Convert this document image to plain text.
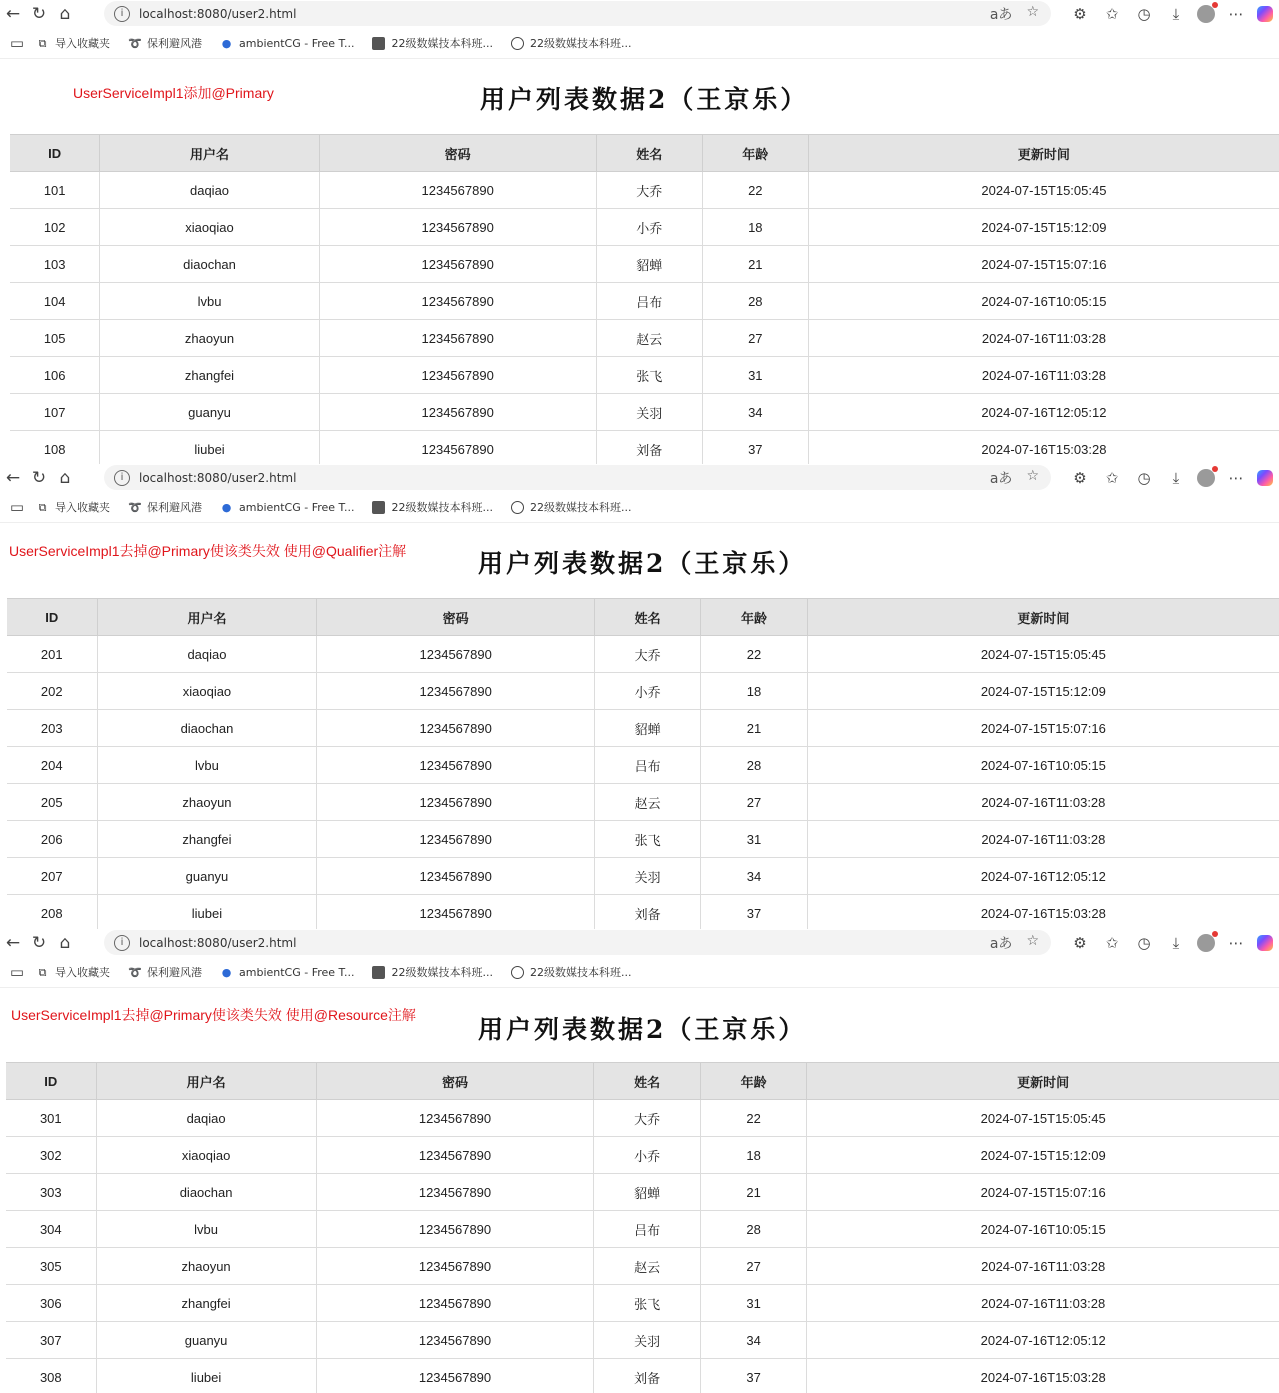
← ↻ ⌂	i	localhost:8080/user2.html	aあ ☆ ⚙	✩	◷	⤓	⋯
▭	⧉ 导入收藏夹 ➰ 保利避风港 ● ambientCG - Free T...	22级数媒技本科班...	22级数媒技本科班...
UserServiceImpl1添加@Primary	用户列表数据2（王京乐）
ID	用户名	密码	姓名	年龄	更新时间
101	daqiao	1234567890	大乔	22	2024-07-15T15:05:45
102	xiaoqiao	1234567890	小乔	18	2024-07-15T15:12:09
103	diaochan	1234567890	貂蝉	21	2024-07-15T15:07:16
104	lvbu	1234567890	吕布	28	2024-07-16T10:05:15
105	zhaoyun	1234567890	赵云	27	2024-07-16T11:03:28
106	zhangfei	1234567890	张飞	31	2024-07-16T11:03:28
107	guanyu	1234567890	关羽	34	2024-07-16T12:05:12
108	liubei	1234567890	刘备	37	2024-07-16T15:03:28
← ↻ ⌂	i	localhost:8080/user2.html	aあ ☆ ⚙	✩	◷	⤓	⋯
▭	⧉ 导入收藏夹 ➰ 保利避风港 ● ambientCG - Free T...	22级数媒技本科班...	22级数媒技本科班...
UserServiceImpl1去掉@Primary使该类失效 使用@Qualifier注解	用户列表数据2（王京乐）
ID	用户名	密码	姓名	年龄	更新时间
201	daqiao	1234567890	大乔	22	2024-07-15T15:05:45
202	xiaoqiao	1234567890	小乔	18	2024-07-15T15:12:09
203	diaochan	1234567890	貂蝉	21	2024-07-15T15:07:16
204	lvbu	1234567890	吕布	28	2024-07-16T10:05:15
205	zhaoyun	1234567890	赵云	27	2024-07-16T11:03:28
206	zhangfei	1234567890	张飞	31	2024-07-16T11:03:28
207	guanyu	1234567890	关羽	34	2024-07-16T12:05:12
208	liubei	1234567890	刘备	37	2024-07-16T15:03:28
← ↻ ⌂	i	localhost:8080/user2.html	aあ ☆ ⚙	✩	◷	⤓	⋯
▭	⧉ 导入收藏夹 ➰ 保利避风港 ● ambientCG - Free T...	22级数媒技本科班...	22级数媒技本科班...
UserServiceImpl1去掉@Primary使该类失效 使用@Resource注解 用户列表数据2（王京乐）
ID	用户名	密码	姓名	年龄	更新时间
301	daqiao	1234567890	大乔	22	2024-07-15T15:05:45
302	xiaoqiao	1234567890	小乔	18	2024-07-15T15:12:09
303	diaochan	1234567890	貂蝉	21	2024-07-15T15:07:16
304	lvbu	1234567890	吕布	28	2024-07-16T10:05:15
305	zhaoyun	1234567890	赵云	27	2024-07-16T11:03:28
306	zhangfei	1234567890	张飞	31	2024-07-16T11:03:28
307	guanyu	1234567890	关羽	34	2024-07-16T12:05:12
308	liubei	1234567890	刘备	37	2024-07-16T15:03:28
